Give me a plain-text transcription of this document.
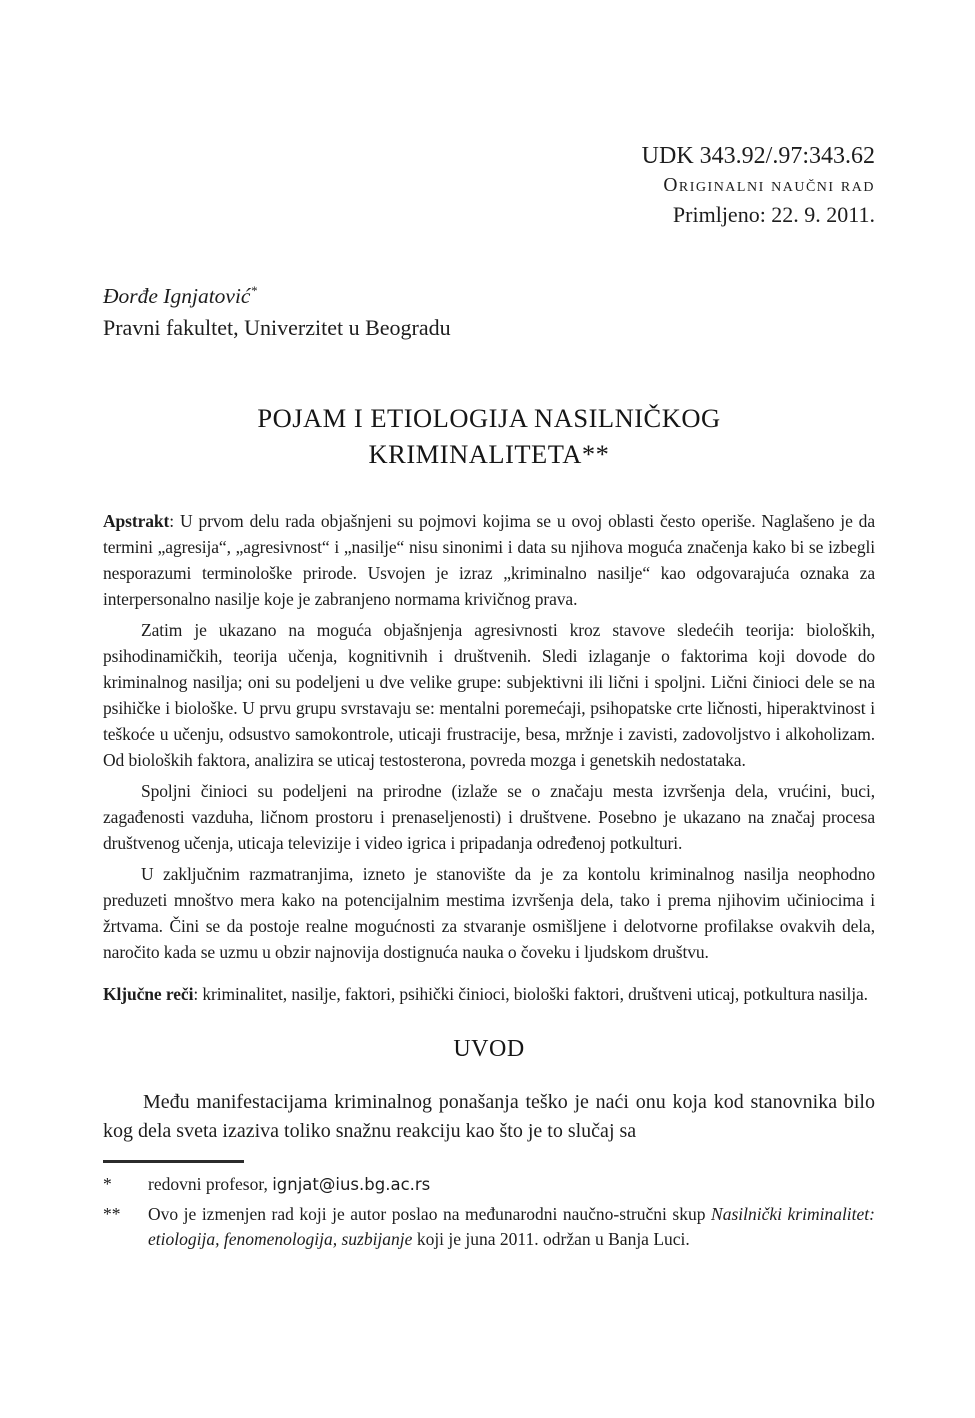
UDK 343.92/.97:343.62
Originalni naučni rad
Primljeno: 22. 9. 2011.
Đorđe Ignjatović*
Pravni fakultet, Univerzitet u Beogradu
POJAM I ETIOLOGIJA NASILNIČKOG
KRIMINALITETA**

Apstrakt: U prvom delu rada objašnjeni su pojmovi kojima se u ovoj oblasti često operiše. Naglašeno je da termini „agresija“, „agresivnost“ i „nasilje“ nisu sinonimi i data su njihova moguća značenja kako bi se izbegli nesporazumi terminološke prirode. Usvojen je izraz „kriminalno nasilje“ kao odgovarajuća oznaka za interpersonalno nasilje koje je zabranjeno normama krivičnog prava.

Zatim je ukazano na moguća objašnjenja agresivnosti kroz stavove sledećih teorija: bioloških, psihodinamičkih, teorija učenja, kognitivnih i društvenih. Sledi izlaganje o faktorima koji dovode do kriminalnog nasilja; oni su podeljeni u dve velike grupe: subjektivni ili lični i spoljni. Lični činioci dele se na psihičke i biološke. U prvu grupu svrstavaju se: mentalni poremećaji, psihopatske crte ličnosti, hiperaktvinost i teškoće u učenju, odsustvo samokontrole, uticaji frustracije, besa, mržnje i zavisti, zadovoljstvo i alkoholizam. Od bioloških faktora, analizira se uticaj testosterona, povreda mozga i genetskih nedostataka.

Spoljni činioci su podeljeni na prirodne (izlaže se o značaju mesta izvršenja dela, vrućini, buci, zagađenosti vazduha, ličnom prostoru i prenaseljenosti) i društvene. Posebno je ukazano na značaj procesa društvenog učenja, uticaja televizije i video igrica i pripadanja određenoj potkulturi.

U zaključnim razmatranjima, izneto je stanovište da je za kontolu kriminalnog nasilja neophodno preduzeti mnoštvo mera kako na potencijalnim mestima izvršenja dela, tako i prema njihovim učiniocima i žrtvama. Čini se da postoje realne mogućnosti za stvaranje osmišljene i delotvorne profilakse ovakvih dela, naročito kada se uzmu u obzir najnovija dostignuća nauka o čoveku i ljudskom društvu.

Ključne reči: kriminalitet, nasilje, faktori, psihički činioci, biološki faktori, društveni uticaj, potkultura nasilja.
UVOD

Među manifestacijama kriminalnog ponašanja teško je naći onu koja kod stanovnika bilo kog dela sveta izaziva toliko snažnu reakciju kao što je to slučaj sa

*	redovni profesor, ignjat@ius.bg.ac.rs
**	Ovo je izmenjen rad koji je autor poslao na međunarodni naučno-stručni skup Nasilnički kriminalitet: etiologija, fenomenologija, suzbijanje koji je juna 2011. održan u Banja Luci.
